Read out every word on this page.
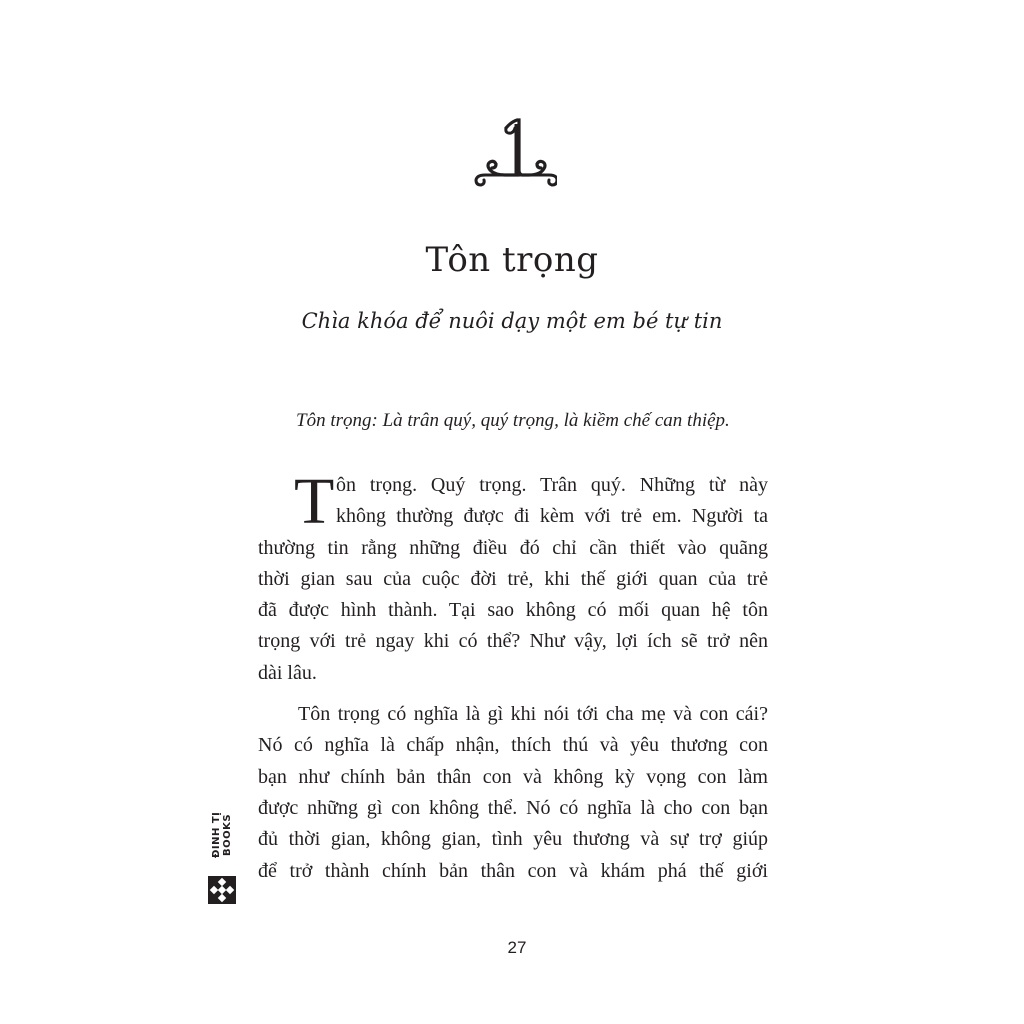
Tôn trọng

Chìa khóa để nuôi dạy một em bé tự tin

Tôn trọng: Là trân quý, quý trọng, là kiềm chế can thiệp.

T ôn trọng. Quý trọng. Trân quý. Những từ này
không thường được đi kèm với trẻ em. Người ta
thường tin rằng những điều đó chỉ cần thiết vào quãng
thời gian sau của cuộc đời trẻ, khi thế giới quan của trẻ
đã được hình thành. Tại sao không có mối quan hệ tôn
trọng với trẻ ngay khi có thể? Như vậy, lợi ích sẽ trở nên
dài lâu.
Tôn trọng có nghĩa là gì khi nói tới cha mẹ và con cái?
Nó có nghĩa là chấp nhận, thích thú và yêu thương con
bạn như chính bản thân con và không kỳ vọng con làm
được những gì con không thể. Nó có nghĩa là cho con bạn
đủ thời gian, không gian, tình yêu thương và sự trợ giúp
để trở thành chính bản thân con và khám phá thế giới
ĐINH TỊ BOOKS
27
